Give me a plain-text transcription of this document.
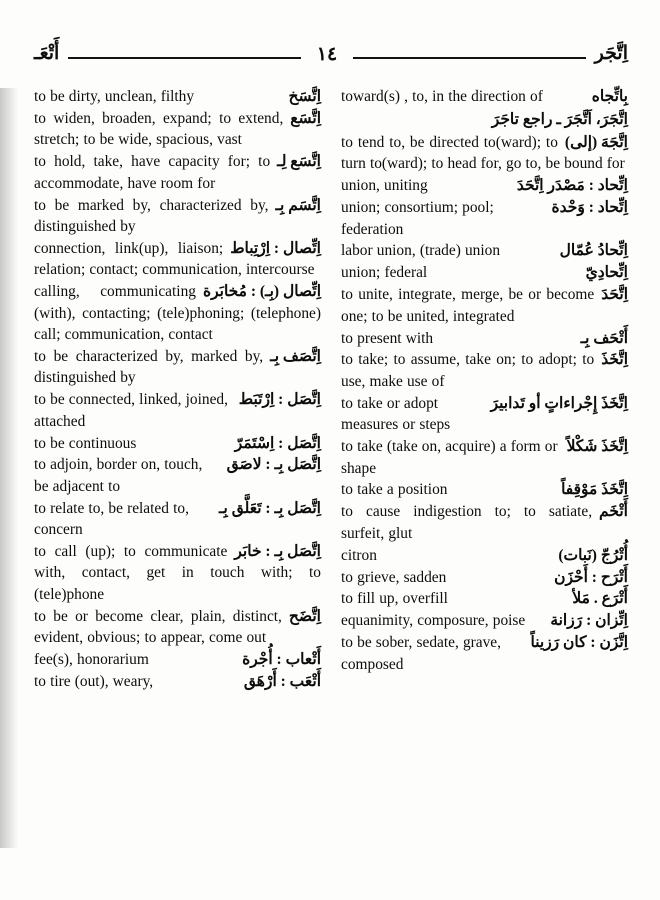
أَتْعَـ	١٤	اِتَّجَر
اِتَّسَخ
to be dirty, unclean, filthy
اِتَّسَع
to widen, broaden, expand; to extend, stretch; to be wide, spacious, vast
اِتَّسَع لِـ
to hold, take, have capacity for; to accommodate, have room for
اِتَّسَم بِـ
to be marked by, characterized by, distinguished by
اِتِّصال : اِرْتِباط
connection, link(up), liaison; relation; contact; communication, intercourse
اِتِّصال (بِـ) : مُخابَرة
calling, communicating (with), contacting; (tele)phoning; (telephone) call; communication, contact
اِتَّصَف بِـ
to be characterized by, marked by, distinguished by
اِتَّصَل : اِرْتَبَط
to be connected, linked, joined, attached
اِتَّصَل : اِسْتَمَرّ
to be continuous
اِتَّصَل بِـ : لاصَق
to adjoin, border on, touch, be adjacent to
اِتَّصَل بِـ : تَعَلَّق بِـ
to relate to, be related to, concern
اِتَّصَل بِـ : خابَر
to call (up); to communicate with, contact, get in touch with; to (tele)phone
اِتَّضَح
to be or become clear, plain, distinct, evident, obvious; to appear, come out
أَتْعاب : أُجْرة
fee(s), honorarium
أَتْعَب : أَرْهَق
to tire (out), weary,
بِاتِّجاه
toward(s) , to, in the direction of
اِتَّجَرَ، اَتَّجَرَ ـ راجع تاجَرَ
اِتَّجَهَ (إلى)
to tend to, be directed to(ward); to turn to(ward); to head for, go to, be bound for
اِتِّحاد : مَصْدَر اِتَّحَدَ
union, uniting
اِتِّحاد : وَحْدة
union; consortium; pool; federation
اِتِّحادُ عُمّال
labor union, (trade) union
اِتِّحادِيّ
union; federal
اِتَّحَدَ
to unite, integrate, merge, be or become one; to be united, integrated
أَتْحَف بِـ
to present with
اِتَّخَذَ
to take; to assume, take on; to adopt; to use, make use of
اِتَّخَذَ إِجْراءاتٍ أو تَدابيرَ
to take or adopt measures or steps
اِتَّخَذَ شَكْلاً
to take (take on, acquire) a form or shape
اِتَّخَذَ مَوْقِفاً
to take a position
أَتْخَم
to cause indigestion to; to satiate, surfeit, glut
أُتْرُجّ (نَبات)
citron
أَتْرَح : أَحْزَن
to grieve, sadden
أَتْرَع . مَلأ
to fill up, overfill
اِتِّزان : رَزانة
equanimity, composure, poise
اِتَّزَن : كان رَزيناً
to be sober, sedate, grave, composed
